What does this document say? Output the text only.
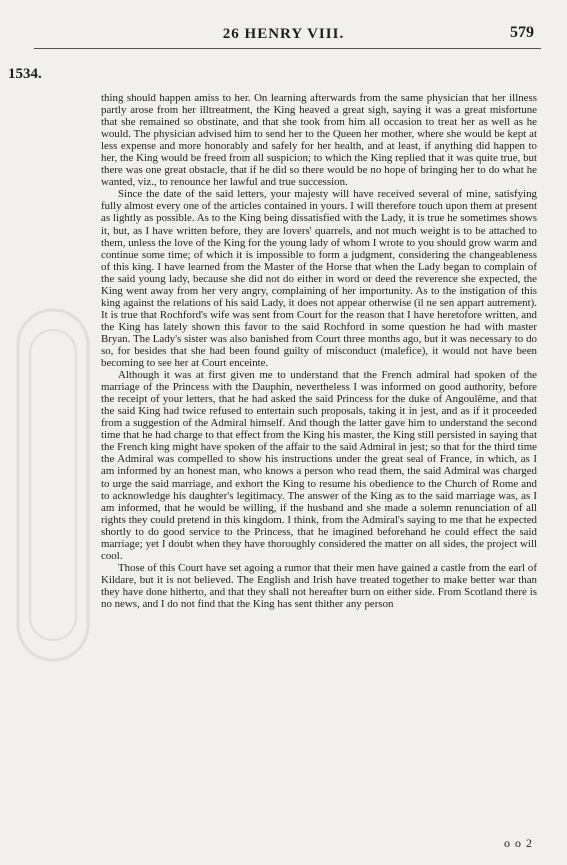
26 HENRY VIII.	579
1534.

thing should happen amiss to her. On learning afterwards from the same physician that her illness partly arose from her illtreatment, the King heaved a great sigh, saying it was a great misfortune that she remained so obstinate, and that she took from him all occasion to treat her as well as he would. The physician advised him to send her to the Queen her mother, where she would be kept at less expense and more honorably and safely for her health, and at least, if anything did happen to her, the King would be freed from all suspicion; to which the King replied that it was quite true, but there was one great obstacle, that if he did so there would be no hope of bringing her to do what he wanted, viz., to renounce her lawful and true succession.

Since the date of the said letters, your majesty will have received several of mine, satisfying fully almost every one of the articles contained in yours. I will therefore touch upon them at present as lightly as possible. As to the King being dissatisfied with the Lady, it is true he sometimes shows it, but, as I have written before, they are lovers' quarrels, and not much weight is to be attached to them, unless the love of the King for the young lady of whom I wrote to you should grow warm and continue some time; of which it is impossible to form a judgment, considering the changeableness of this king. I have learned from the Master of the Horse that when the Lady began to complain of the said young lady, because she did not do either in word or deed the reverence she expected, the King went away from her very angry, complaining of her importunity. As to the instigation of this king against the relations of his said Lady, it does not appear otherwise (il ne sen appart autrement). It is true that Rochford's wife was sent from Court for the reason that I have heretofore written, and the King has lately shown this favor to the said Rochford in some question he had with master Bryan. The Lady's sister was also banished from Court three months ago, but it was necessary to do so, for besides that she had been found guilty of misconduct (malefice), it would not have been becoming to see her at Court enceinte.

Although it was at first given me to understand that the French admiral had spoken of the marriage of the Princess with the Dauphin, nevertheless I was informed on good authority, before the receipt of your letters, that he had asked the said Princess for the duke of Angoulême, and that the said King had twice refused to entertain such proposals, taking it in jest, and as if it proceeded from a suggestion of the Admiral himself. And though the latter gave him to understand the second time that he had charge to that effect from the King his master, the King still persisted in saying that the French king might have spoken of the affair to the said Admiral in jest; so that for the third time the Admiral was compelled to show his instructions under the great seal of France, in which, as I am informed by an honest man, who knows a person who read them, the said Admiral was charged to urge the said marriage, and exhort the King to resume his obedience to the Church of Rome and to acknowledge his daughter's legitimacy. The answer of the King as to the said marriage was, as I am informed, that he would be willing, if the husband and she made a solemn renunciation of all rights they could pretend in this kingdom. I think, from the Admiral's saying to me that he expected shortly to do good service to the Princess, that he imagined beforehand he could effect the said marriage; yet I doubt when they have thoroughly considered the matter on all sides, the project will cool.

Those of this Court have set agoing a rumor that their men have gained a castle from the earl of Kildare, but it is not believed. The English and Irish have treated together to make better war than they have done hitherto, and that they shall not hereafter burn on either side. From Scotland there is no news, and I do not find that the King has sent thither any person

o o 2
